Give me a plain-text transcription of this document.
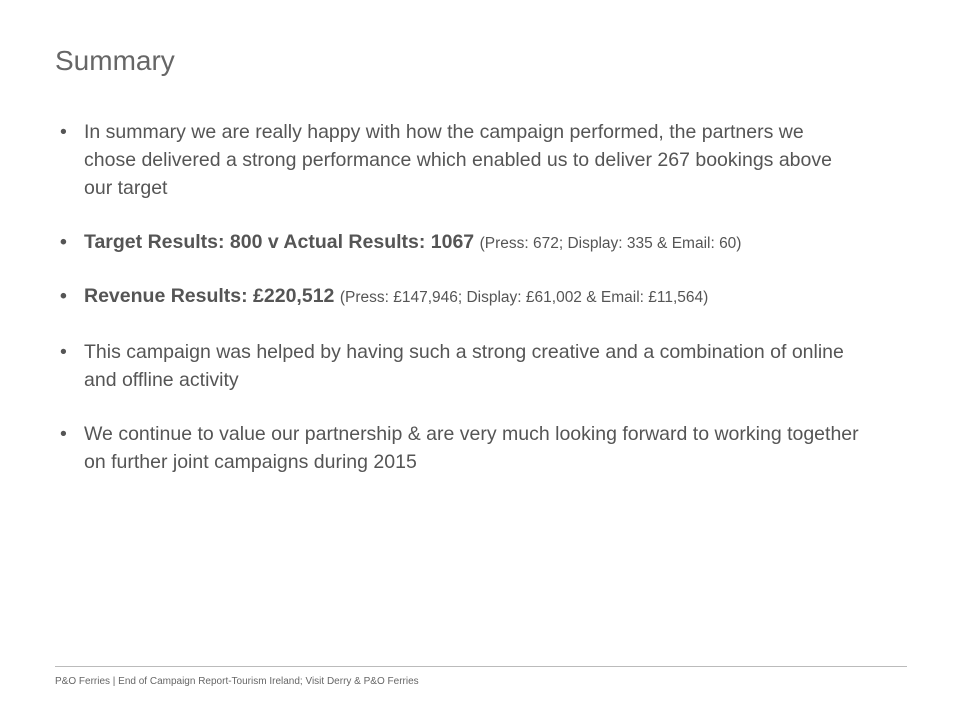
Summary
• In summary we are really happy with how the campaign performed, the partners we chose delivered a strong performance which enabled us to deliver 267 bookings above our target
• Target Results: 800 v Actual Results: 1067 (Press: 672; Display: 335 & Email: 60)
• Revenue Results: £220,512 (Press: £147,946; Display: £61,002 & Email: £11,564)
• This campaign was helped by having such a strong creative and a combination of online and offline activity
• We continue to value our partnership & are very much looking forward to working together on further joint campaigns during 2015
P&O Ferries | End of Campaign Report-Tourism Ireland; Visit Derry & P&O Ferries
